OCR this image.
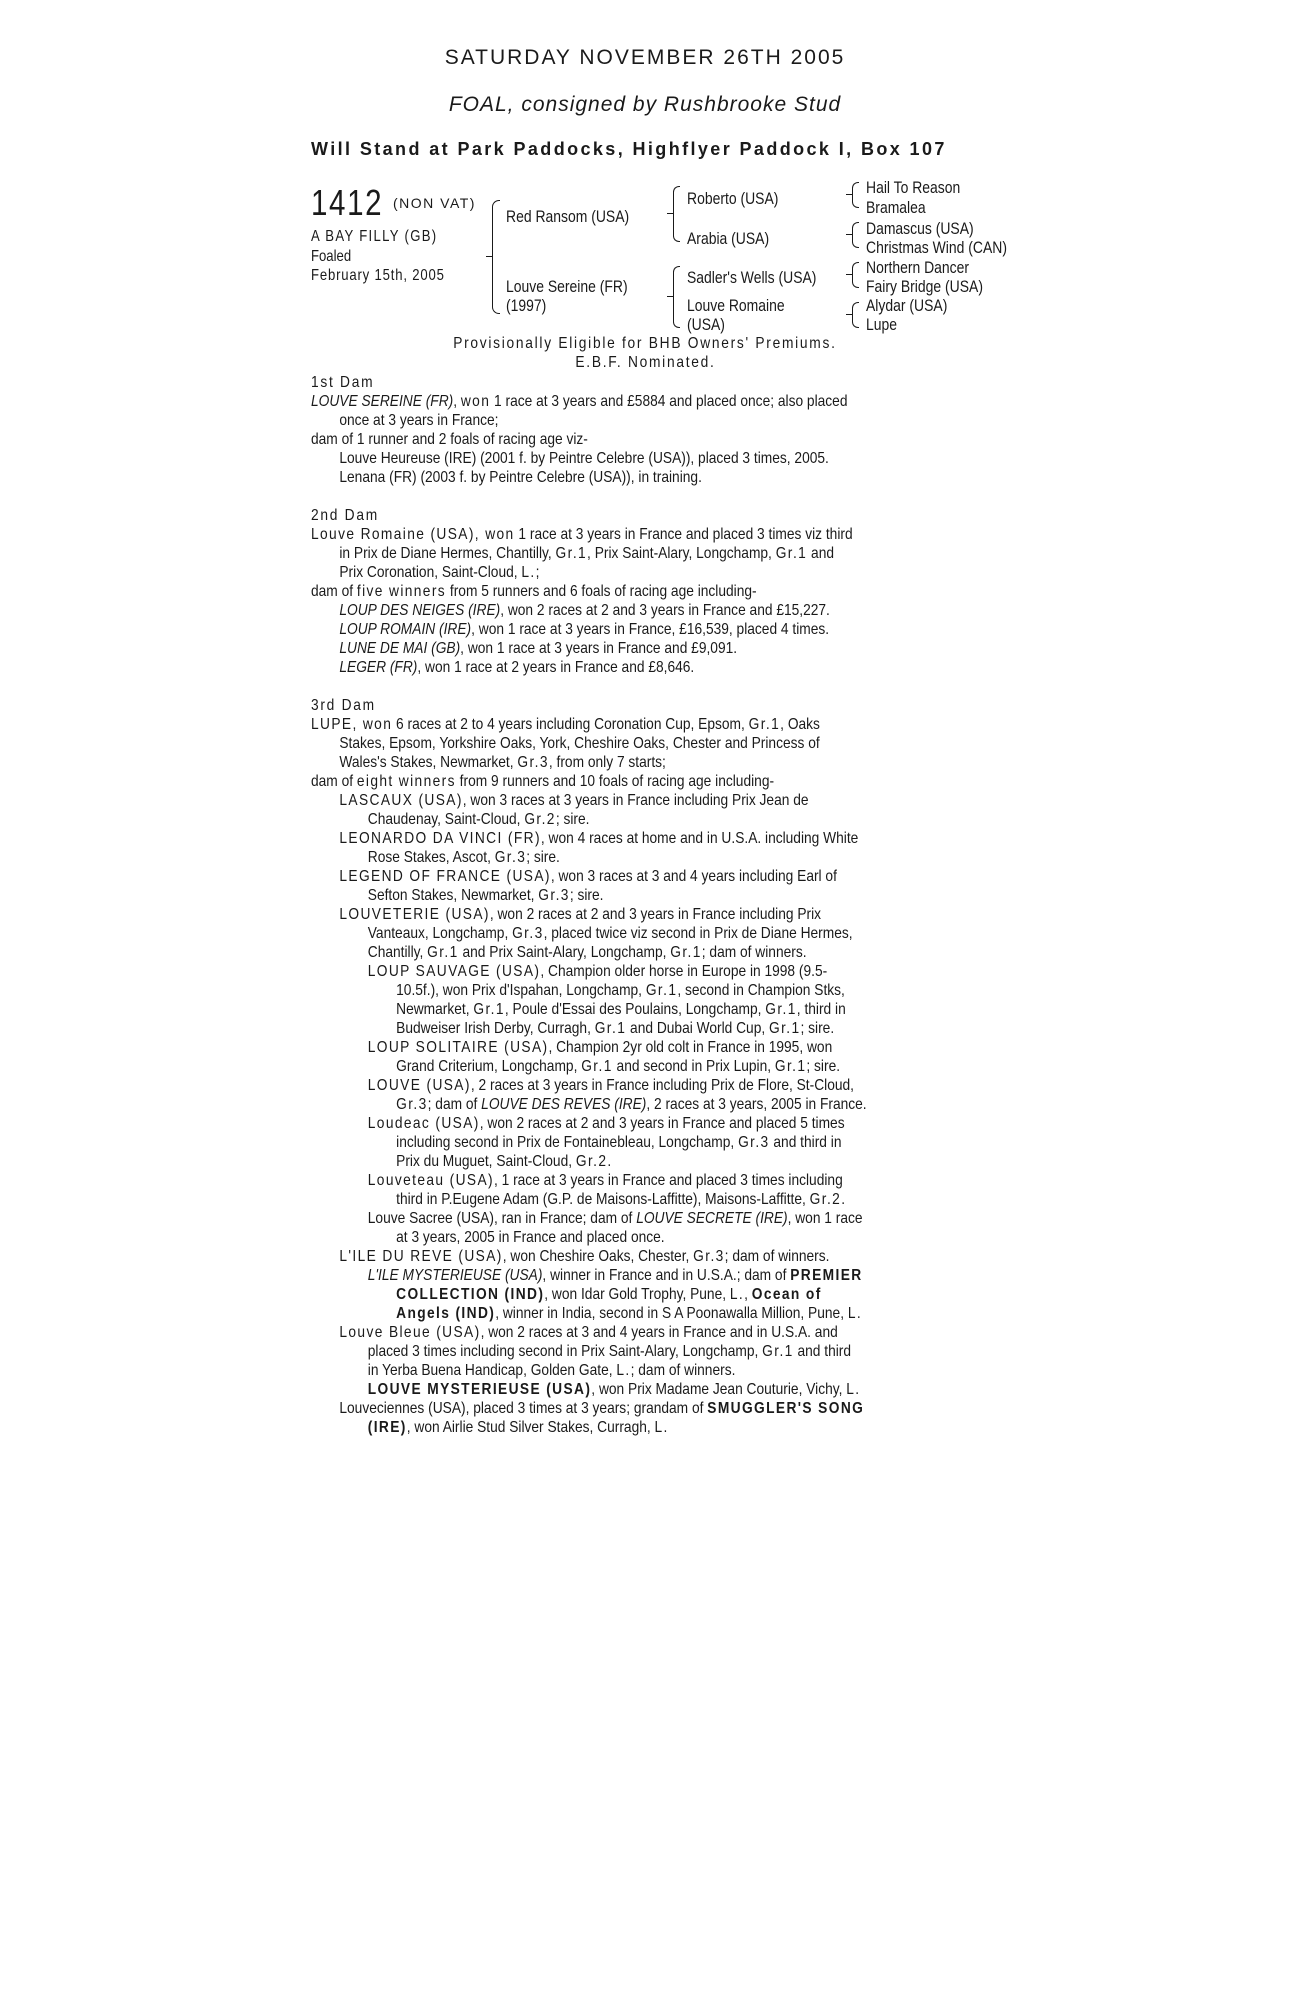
SATURDAY NOVEMBER 26TH 2005
FOAL, consigned by Rushbrooke Stud
Will Stand at Park Paddocks, Highflyer Paddock I, Box 107
1412 (NON VAT)
A BAY FILLY (GB)
Foaled
February 15th, 2005
Red Ransom (USA)
Louve Sereine (FR)
(1997)
Roberto (USA)
Arabia (USA)
Sadler's Wells (USA)
Louve Romaine
(USA)
Hail To Reason
Bramalea
Damascus (USA)
Christmas Wind (CAN)
Northern Dancer
Fairy Bridge (USA)
Alydar (USA)
Lupe
Provisionally Eligible for BHB Owners' Premiums.
E.B.F. Nominated.
1st Dam
LOUVE SEREINE (FR), won 1 race at 3 years and £5884 and placed once; also placed
once at 3 years in France;
dam of 1 runner and 2 foals of racing age viz-
Louve Heureuse (IRE) (2001 f. by Peintre Celebre (USA)), placed 3 times, 2005.
Lenana (FR) (2003 f. by Peintre Celebre (USA)), in training.
2nd Dam
Louve Romaine (USA), won 1 race at 3 years in France and placed 3 times viz third
in Prix de Diane Hermes, Chantilly, Gr.1, Prix Saint-Alary, Longchamp, Gr.1 and
Prix Coronation, Saint-Cloud, L.;
dam of five winners from 5 runners and 6 foals of racing age including-
LOUP DES NEIGES (IRE), won 2 races at 2 and 3 years in France and £15,227.
LOUP ROMAIN (IRE), won 1 race at 3 years in France, £16,539, placed 4 times.
LUNE DE MAI (GB), won 1 race at 3 years in France and £9,091.
LEGER (FR), won 1 race at 2 years in France and £8,646.
3rd Dam
LUPE, won 6 races at 2 to 4 years including Coronation Cup, Epsom, Gr.1, Oaks
Stakes, Epsom, Yorkshire Oaks, York, Cheshire Oaks, Chester and Princess of
Wales's Stakes, Newmarket, Gr.3, from only 7 starts;
dam of eight winners from 9 runners and 10 foals of racing age including-
LASCAUX (USA), won 3 races at 3 years in France including Prix Jean de
Chaudenay, Saint-Cloud, Gr.2; sire.
LEONARDO DA VINCI (FR), won 4 races at home and in U.S.A. including White
Rose Stakes, Ascot, Gr.3; sire.
LEGEND OF FRANCE (USA), won 3 races at 3 and 4 years including Earl of
Sefton Stakes, Newmarket, Gr.3; sire.
LOUVETERIE (USA), won 2 races at 2 and 3 years in France including Prix
Vanteaux, Longchamp, Gr.3, placed twice viz second in Prix de Diane Hermes,
Chantilly, Gr.1 and Prix Saint-Alary, Longchamp, Gr.1; dam of winners.
LOUP SAUVAGE (USA), Champion older horse in Europe in 1998 (9.5-
10.5f.), won Prix d'Ispahan, Longchamp, Gr.1, second in Champion Stks,
Newmarket, Gr.1, Poule d'Essai des Poulains, Longchamp, Gr.1, third in
Budweiser Irish Derby, Curragh, Gr.1 and Dubai World Cup, Gr.1; sire.
LOUP SOLITAIRE (USA), Champion 2yr old colt in France in 1995, won
Grand Criterium, Longchamp, Gr.1 and second in Prix Lupin, Gr.1; sire.
LOUVE (USA), 2 races at 3 years in France including Prix de Flore, St-Cloud,
Gr.3; dam of LOUVE DES REVES (IRE), 2 races at 3 years, 2005 in France.
Loudeac (USA), won 2 races at 2 and 3 years in France and placed 5 times
including second in Prix de Fontainebleau, Longchamp, Gr.3 and third in
Prix du Muguet, Saint-Cloud, Gr.2.
Louveteau (USA), 1 race at 3 years in France and placed 3 times including
third in P.Eugene Adam (G.P. de Maisons-Laffitte), Maisons-Laffitte, Gr.2.
Louve Sacree (USA), ran in France; dam of LOUVE SECRETE (IRE), won 1 race
at 3 years, 2005 in France and placed once.
L'ILE DU REVE (USA), won Cheshire Oaks, Chester, Gr.3; dam of winners.
L'ILE MYSTERIEUSE (USA), winner in France and in U.S.A.; dam of PREMIER
COLLECTION (IND), won Idar Gold Trophy, Pune, L., Ocean of
Angels (IND), winner in India, second in S A Poonawalla Million, Pune, L.
Louve Bleue (USA), won 2 races at 3 and 4 years in France and in U.S.A. and
placed 3 times including second in Prix Saint-Alary, Longchamp, Gr.1 and third
in Yerba Buena Handicap, Golden Gate, L.; dam of winners.
LOUVE MYSTERIEUSE (USA), won Prix Madame Jean Couturie, Vichy, L.
Louveciennes (USA), placed 3 times at 3 years; grandam of SMUGGLER'S SONG
(IRE), won Airlie Stud Silver Stakes, Curragh, L.
